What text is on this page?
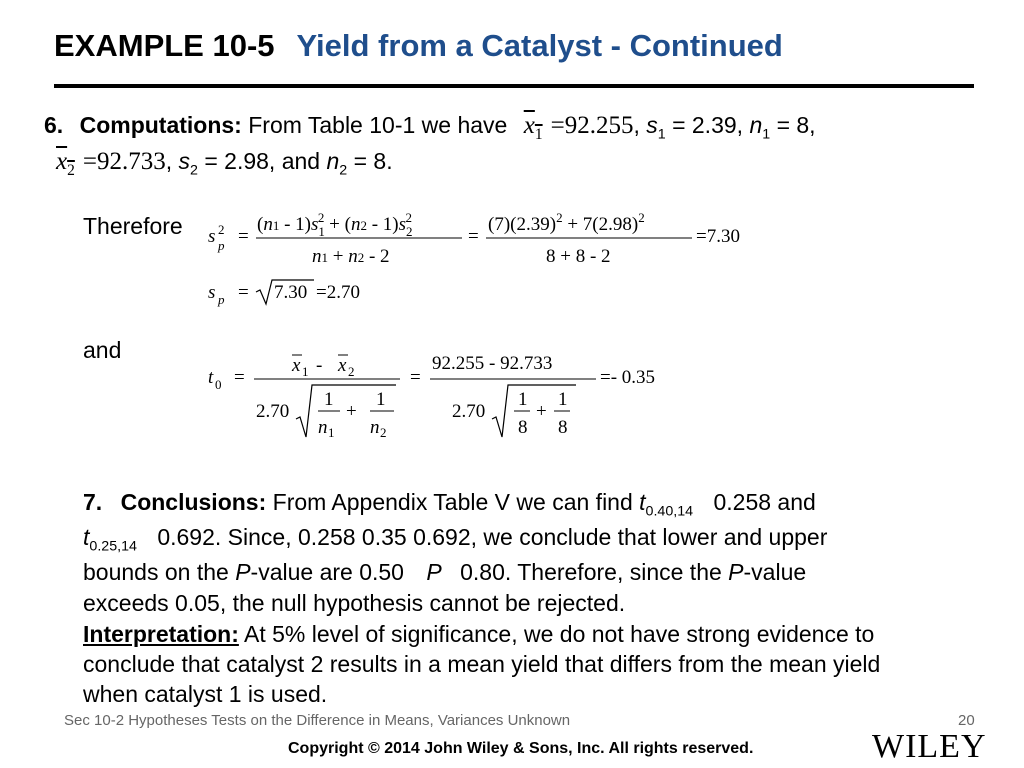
EXAMPLE 10-5 Yield from a Catalyst - Continued
6. Computations: From Table 10-1 we have $x_1 =92.255$, $s_1 = 2.39$, $n_1 = 8$,
$x_2 =92.733$, $s_2 = 2.98$, and $n_2 = 8$.
Therefore s 2
p =
$(n1 - 1)s_12 + (n2 - 1)s_22$
n1 + n2 - 2
=
$(7)(2.39)^2 + 7(2.98)^2$
8 + 8 - 2
=7.30
s p = 7.30 =2.70
and
t 0 =
x 1 - x 2
2.70
1
n 1
+
1
n 2
=
92.255 - 92.733
2.70
1
8
+
1
8
=- 0.35
7. Conclusions: From Appendix Table V we can find $t_{0.40,14}$ 0.258 and
$t_{0.25,14}$ 0.692. Since, 0.258 0.35 0.692, we conclude that lower and upper
bounds on the P-value are 0.50 P 0.80. Therefore, since the P-value
exceeds 0.05, the null hypothesis cannot be rejected.
Interpretation: At 5% level of significance, we do not have strong evidence to
conclude that catalyst 2 results in a mean yield that differs from the mean yield
when catalyst 1 is used.
Sec 10-2 Hypotheses Tests on the Difference in Means, Variances Unknown	20
Copyright © 2014 John Wiley & Sons, Inc. All rights reserved.	WILEY
